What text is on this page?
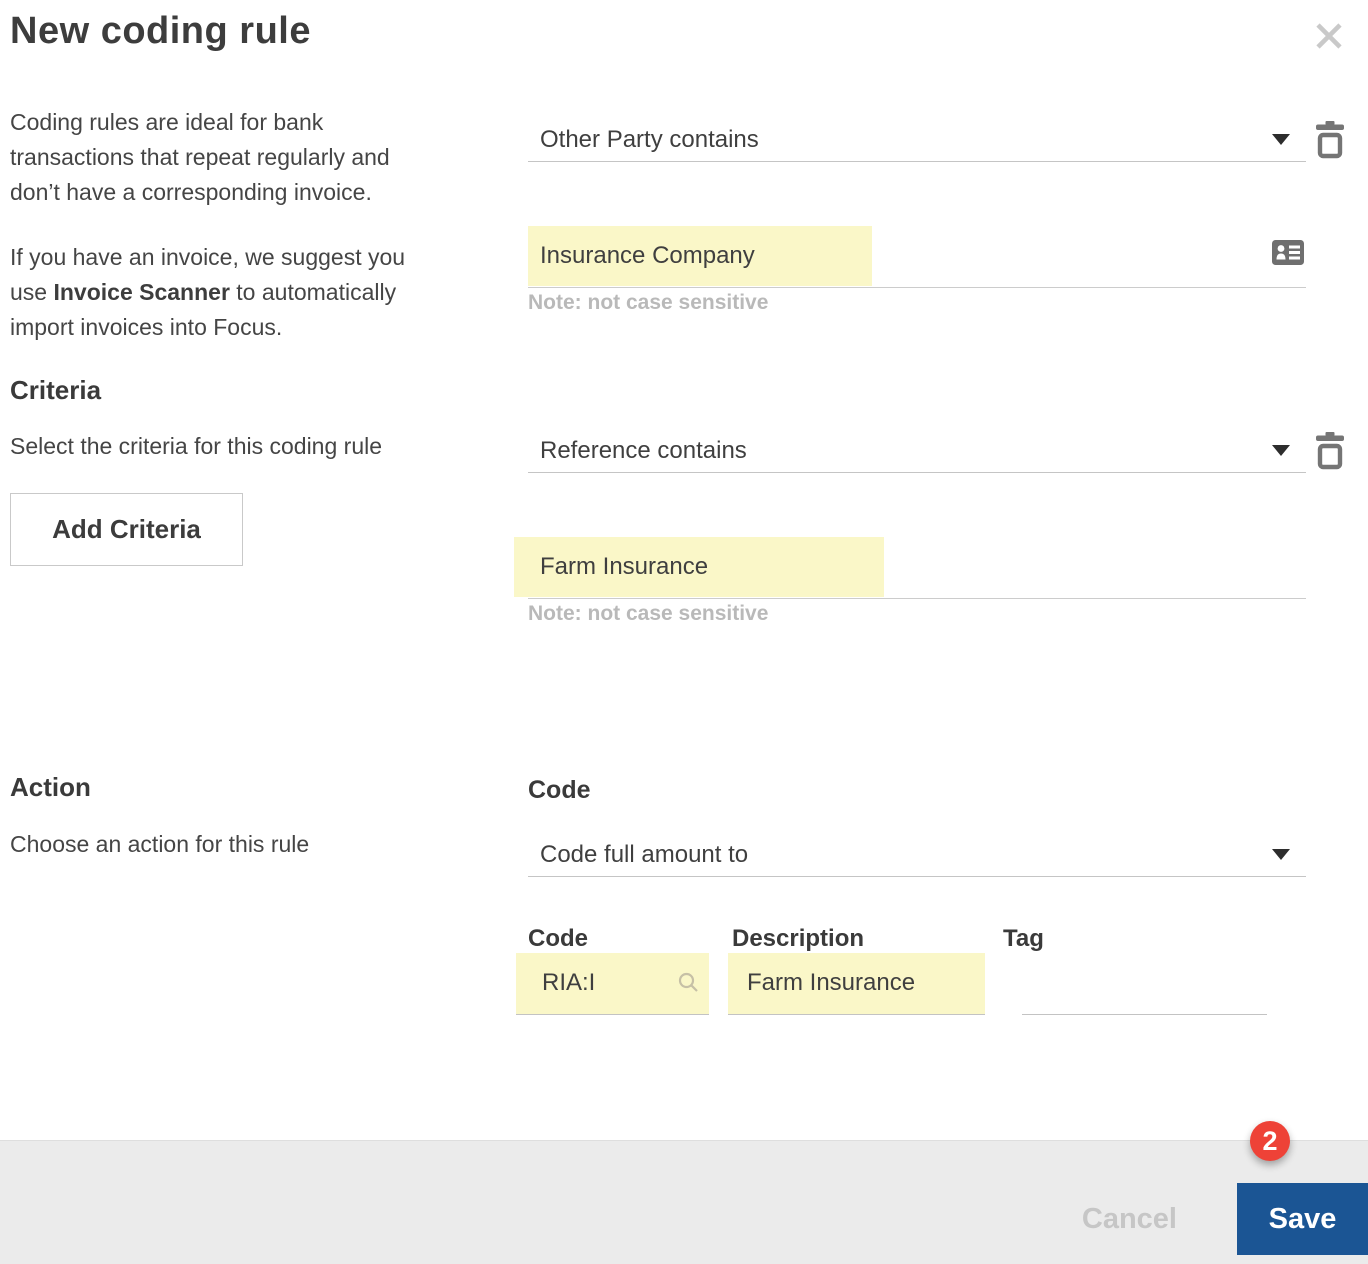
New coding rule
Coding rules are ideal for bank
transactions that repeat regularly and
don’t have a corresponding invoice.
If you have an invoice, we suggest you
use Invoice Scanner to automatically
import invoices into Focus.
Criteria
Select the criteria for this coding rule
Add Criteria
Action
Choose an action for this rule
Other Party contains
Insurance Company
Note: not case sensitive
Reference contains
Farm Insurance
Note: not case sensitive
Code
Code full amount to
Code	Description	Tag
RIA:I	Farm Insurance
Cancel	Save
2
